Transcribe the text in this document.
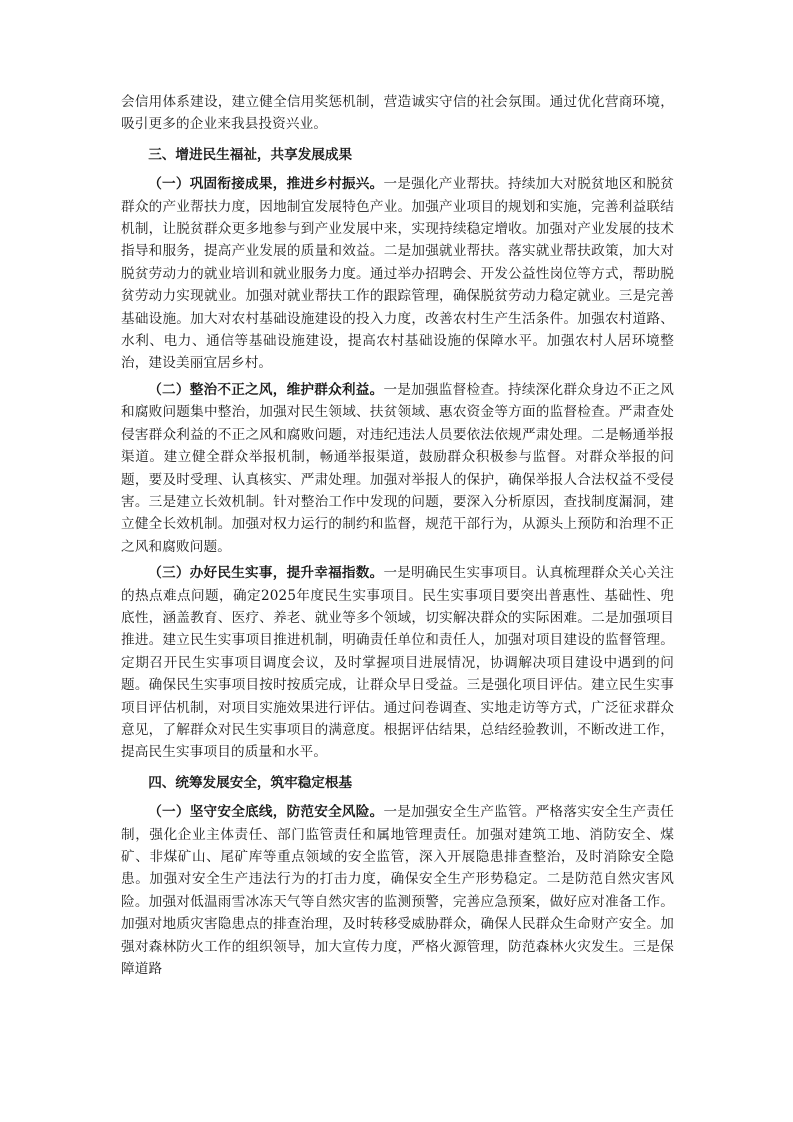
会信用体系建设，建立健全信用奖惩机制，营造诚实守信的社会氛围。通过优化营商环境，吸引更多的企业来我县投资兴业。

三、增进民生福祉，共享发展成果

（一）巩固衔接成果，推进乡村振兴。一是强化产业帮扶。持续加大对脱贫地区和脱贫群众的产业帮扶力度，因地制宜发展特色产业。加强产业项目的规划和实施，完善利益联结机制，让脱贫群众更多地参与到产业发展中来，实现持续稳定增收。加强对产业发展的技术指导和服务，提高产业发展的质量和效益。二是加强就业帮扶。落实就业帮扶政策，加大对脱贫劳动力的就业培训和就业服务力度。通过举办招聘会、开发公益性岗位等方式，帮助脱贫劳动力实现就业。加强对就业帮扶工作的跟踪管理，确保脱贫劳动力稳定就业。三是完善基础设施。加大对农村基础设施建设的投入力度，改善农村生产生活条件。加强农村道路、水利、电力、通信等基础设施建设，提高农村基础设施的保障水平。加强农村人居环境整治，建设美丽宜居乡村。

（二）整治不正之风，维护群众利益。一是加强监督检查。持续深化群众身边不正之风和腐败问题集中整治，加强对民生领域、扶贫领域、惠农资金等方面的监督检查。严肃查处侵害群众利益的不正之风和腐败问题，对违纪违法人员要依法依规严肃处理。二是畅通举报渠道。建立健全群众举报机制，畅通举报渠道，鼓励群众积极参与监督。对群众举报的问题，要及时受理、认真核实、严肃处理。加强对举报人的保护，确保举报人合法权益不受侵害。三是建立长效机制。针对整治工作中发现的问题，要深入分析原因，查找制度漏洞，建立健全长效机制。加强对权力运行的制约和监督，规范干部行为，从源头上预防和治理不正之风和腐败问题。

（三）办好民生实事，提升幸福指数。一是明确民生实事项目。认真梳理群众关心关注的热点难点问题，确定2025年度民生实事项目。民生实事项目要突出普惠性、基础性、兜底性，涵盖教育、医疗、养老、就业等多个领域，切实解决群众的实际困难。二是加强项目推进。建立民生实事项目推进机制，明确责任单位和责任人，加强对项目建设的监督管理。定期召开民生实事项目调度会议，及时掌握项目进展情况，协调解决项目建设中遇到的问题。确保民生实事项目按时按质完成，让群众早日受益。三是强化项目评估。建立民生实事项目评估机制，对项目实施效果进行评估。通过问卷调查、实地走访等方式，广泛征求群众意见，了解群众对民生实事项目的满意度。根据评估结果，总结经验教训，不断改进工作，提高民生实事项目的质量和水平。

四、统筹发展安全，筑牢稳定根基

（一）坚守安全底线，防范安全风险。一是加强安全生产监管。严格落实安全生产责任制，强化企业主体责任、部门监管责任和属地管理责任。加强对建筑工地、消防安全、煤矿、非煤矿山、尾矿库等重点领域的安全监管，深入开展隐患排查整治，及时消除安全隐患。加强对安全生产违法行为的打击力度，确保安全生产形势稳定。二是防范自然灾害风险。加强对低温雨雪冰冻天气等自然灾害的监测预警，完善应急预案，做好应对准备工作。加强对地质灾害隐患点的排查治理，及时转移受威胁群众，确保人民群众生命财产安全。加强对森林防火工作的组织领导，加大宣传力度，严格火源管理，防范森林火灾发生。三是保障道路
